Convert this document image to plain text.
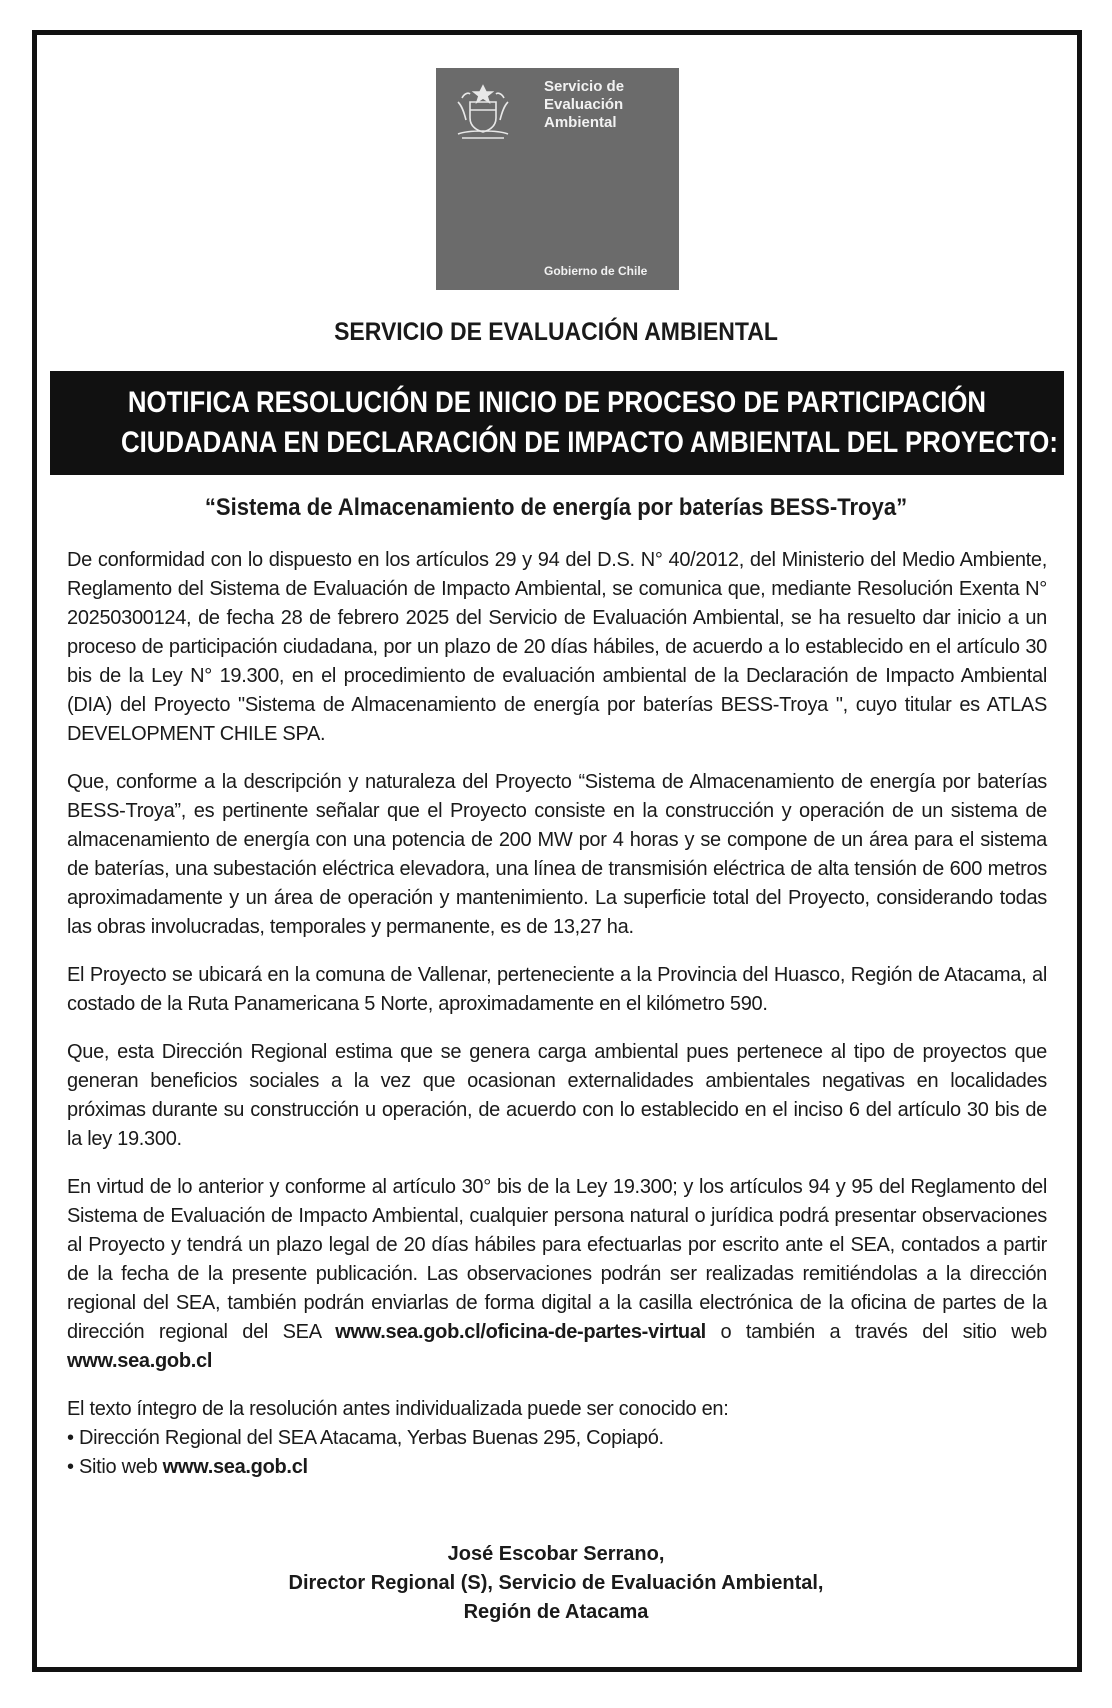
Servicio de
Evaluación
Ambiental
Gobierno de Chile
SERVICIO DE EVALUACIÓN AMBIENTAL
NOTIFICA RESOLUCIÓN DE INICIO DE PROCESO DE PARTICIPACIÓN
CIUDADANA EN DECLARACIÓN DE IMPACTO AMBIENTAL DEL PROYECTO:
“Sistema de Almacenamiento de energía por baterías BESS-Troya”

De conformidad con lo dispuesto en los artículos 29 y 94 del D.S. N° 40/2012, del Ministerio del Medio Ambiente, Reglamento del Sistema de Evaluación de Impacto Ambiental, se comunica que, mediante Resolución Exenta N° 20250300124, de fecha 28 de febrero 2025 del Servicio de Evaluación Ambiental, se ha resuelto dar inicio a un proceso de participación ciudadana, por un plazo de 20 días hábiles, de acuerdo a lo establecido en el artículo 30 bis de la Ley N° 19.300, en el procedimiento de evaluación ambiental de la Declaración de Impacto Ambiental (DIA) del Proyecto "Sistema de Almacenamiento de energía por baterías BESS-Troya ", cuyo titular es ATLAS DEVELOPMENT CHILE SPA.

Que, conforme a la descripción y naturaleza del Proyecto “Sistema de Almacenamiento de energía por baterías BESS-Troya”, es pertinente señalar que el Proyecto consiste en la construcción y operación de un sistema de almacenamiento de energía con una potencia de 200 MW por 4 horas y se compone de un área para el sistema de baterías, una subestación eléctrica elevadora, una línea de transmisión eléctrica de alta tensión de 600 metros aproximadamente y un área de operación y mantenimiento. La superficie total del Proyecto, considerando todas las obras involucradas, temporales y permanente, es de 13,27 ha.

El Proyecto se ubicará en la comuna de Vallenar, perteneciente a la Provincia del Huasco, Región de Atacama, al costado de la Ruta Panamericana 5 Norte, aproximadamente en el kilómetro 590.

Que, esta Dirección Regional estima que se genera carga ambiental pues pertenece al tipo de proyectos que generan beneficios sociales a la vez que ocasionan externalidades ambientales negativas en localidades próximas durante su construcción u operación, de acuerdo con lo establecido en el inciso 6 del artículo 30 bis de la ley 19.300.

En virtud de lo anterior y conforme al artículo 30° bis de la Ley 19.300; y los artículos 94 y 95 del Reglamento del Sistema de Evaluación de Impacto Ambiental, cualquier persona natural o jurídica podrá presentar observaciones al Proyecto y tendrá un plazo legal de 20 días hábiles para efectuarlas por escrito ante el SEA, contados a partir de la fecha de la presente publicación. Las observaciones podrán ser realizadas remitiéndolas a la dirección regional del SEA, también podrán enviarlas de forma digital a la casilla electrónica de la oficina de partes de la dirección regional del SEA www.sea.gob.cl/oficina-de-partes-virtual o también a través del sitio web www.sea.gob.cl

El texto íntegro de la resolución antes individualizada puede ser conocido en:

• Dirección Regional del SEA Atacama, Yerbas Buenas 295, Copiapó.

• Sitio web www.sea.gob.cl

José Escobar Serrano,
Director Regional (S), Servicio de Evaluación Ambiental,
Región de Atacama
